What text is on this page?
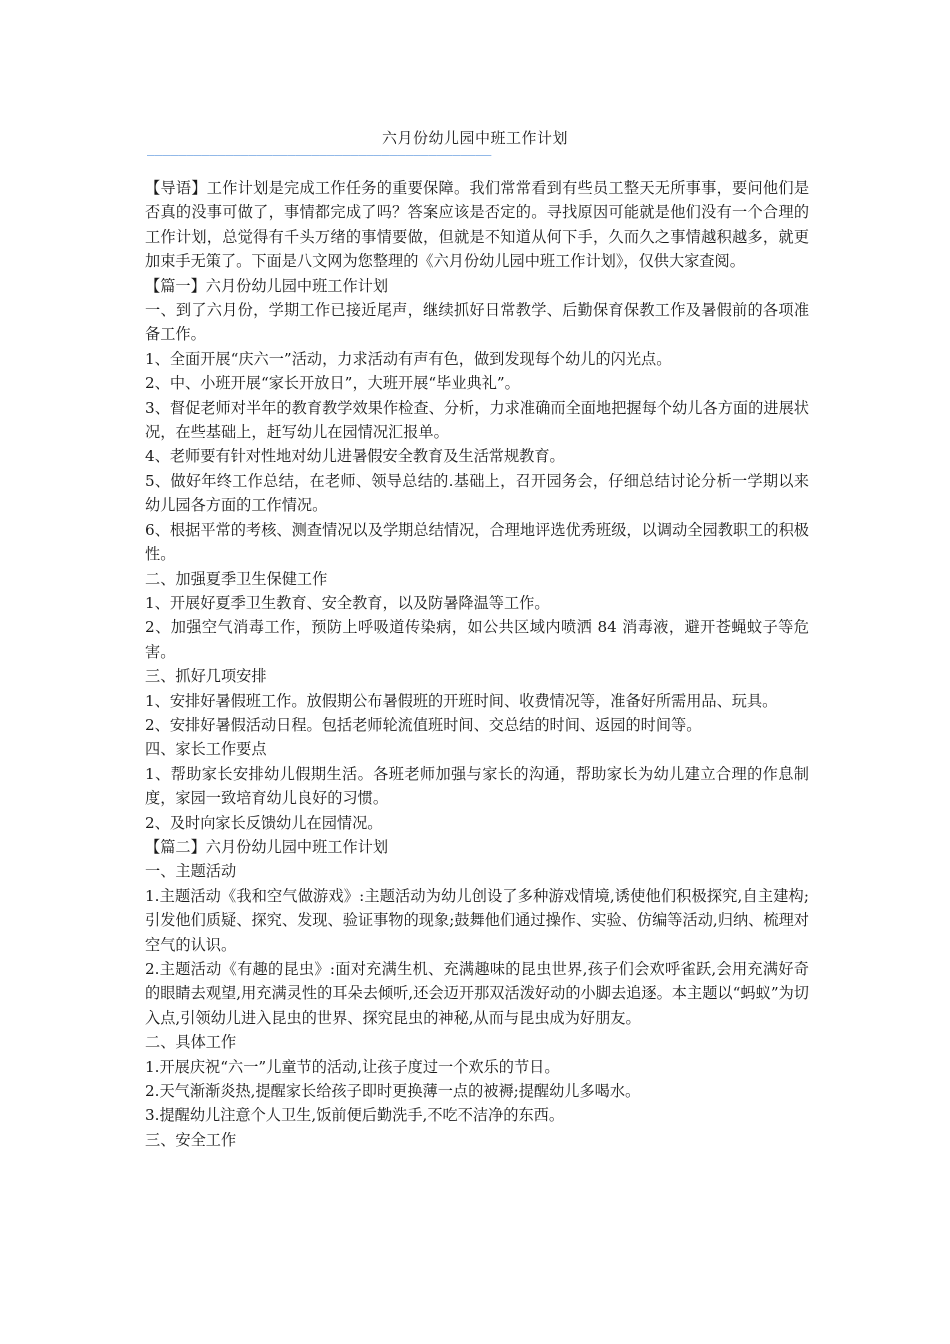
六月份幼儿园中班工作计划
————————————————————————————————————————————

【导语】工作计划是完成工作任务的重要保障。我们常常看到有些员工整天无所事事，要问他们是否真的没事可做了，事情都完成了吗？答案应该是否定的。寻找原因可能就是他们没有一个合理的工作计划，总觉得有千头万绪的事情要做，但就是不知道从何下手，久而久之事情越积越多，就更加束手无策了。下面是八文网为您整理的《六月份幼儿园中班工作计划》，仅供大家查阅。

【篇一】六月份幼儿园中班工作计划

一、到了六月份，学期工作已接近尾声，继续抓好日常教学、后勤保育保教工作及暑假前的各项准备工作。

1、全面开展“庆六一”活动，力求活动有声有色，做到发现每个幼儿的闪光点。

2、中、小班开展“家长开放日”，大班开展“毕业典礼”。

3、督促老师对半年的教育教学效果作检查、分析，力求准确而全面地把握每个幼儿各方面的进展状况，在些基础上，赶写幼儿在园情况汇报单。

4、老师要有针对性地对幼儿进暑假安全教育及生活常规教育。

5、做好年终工作总结，在老师、领导总结的.基础上，召开园务会，仔细总结讨论分析一学期以来幼儿园各方面的工作情况。

6、根据平常的考核、测查情况以及学期总结情况，合理地评选优秀班级，以调动全园教职工的积极性。

二、加强夏季卫生保健工作

1、开展好夏季卫生教育、安全教育，以及防暑降温等工作。

2、加强空气消毒工作，预防上呼吸道传染病，如公共区域内喷洒 84 消毒液，避开苍蝇蚊子等危害。

三、抓好几项安排

1、安排好暑假班工作。放假期公布暑假班的开班时间、收费情况等，准备好所需用品、玩具。

2、安排好暑假活动日程。包括老师轮流值班时间、交总结的时间、返园的时间等。

四、家长工作要点

1、帮助家长安排幼儿假期生活。各班老师加强与家长的沟通，帮助家长为幼儿建立合理的作息制度，家园一致培育幼儿良好的习惯。

2、及时向家长反馈幼儿在园情况。

【篇二】六月份幼儿园中班工作计划

一、主题活动

1.主题活动《我和空气做游戏》:主题活动为幼儿创设了多种游戏情境,诱使他们积极探究,自主建构;引发他们质疑、探究、发现、验证事物的现象;鼓舞他们通过操作、实验、仿编等活动,归纳、梳理对空气的认识。

2.主题活动《有趣的昆虫》:面对充满生机、充满趣味的昆虫世界,孩子们会欢呼雀跃,会用充满好奇的眼睛去观望,用充满灵性的耳朵去倾听,还会迈开那双活泼好动的小脚去追逐。本主题以“蚂蚁”为切入点,引领幼儿进入昆虫的世界、探究昆虫的神秘,从而与昆虫成为好朋友。

二、具体工作

1.开展庆祝“六一”儿童节的活动,让孩子度过一个欢乐的节日。

2.天气渐渐炎热,提醒家长给孩子即时更换薄一点的被褥;提醒幼儿多喝水。

3.提醒幼儿注意个人卫生,饭前便后勤洗手,不吃不洁净的东西。

三、安全工作
